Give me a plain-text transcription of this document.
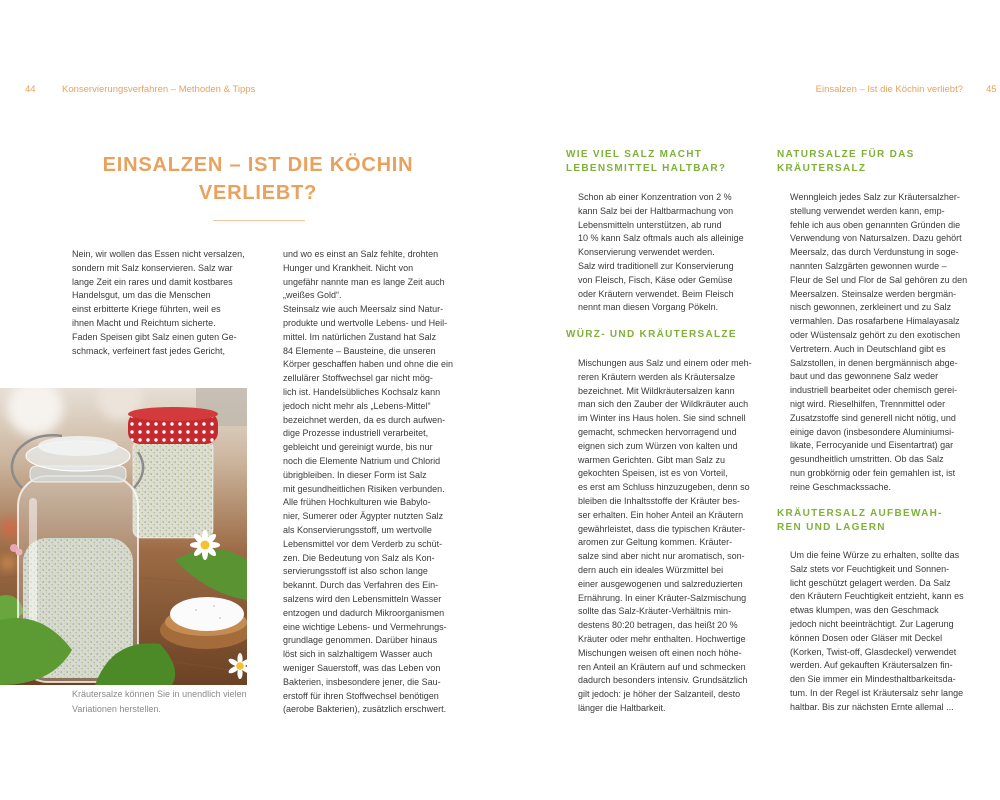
44	Konservierungsverfahren – Methoden & Tipps	Einsalzen – Ist die Köchin verliebt? 45
EINSALZEN – IST DIE KÖCHIN
VERLIEBT?
Nein, wir wollen das Essen nicht versalzen,
sondern mit Salz konservieren. Salz war
lange Zeit ein rares und damit kostbares
Handelsgut, um das die Menschen
einst erbitterte Kriege führten, weil es
ihnen Macht und Reichtum sicherte.
Faden Speisen gibt Salz einen guten Ge-
schmack, verfeinert fast jedes Gericht,
und wo es einst an Salz fehlte, drohten
Hunger und Krankheit. Nicht von
ungefähr nannte man es lange Zeit auch
„weißes Gold“.
Steinsalz wie auch Meersalz sind Natur-
produkte und wertvolle Lebens- und Heil-
mittel. Im natürlichen Zustand hat Salz
84 Elemente – Bausteine, die unseren
Körper geschaffen haben und ohne die ein
zellulärer Stoffwechsel gar nicht mög-
lich ist. Handelsübliches Kochsalz kann
jedoch nicht mehr als „Lebens-Mittel“
bezeichnet werden, da es durch aufwen-
dige Prozesse industriell verarbeitet,
gebleicht und gereinigt wurde, bis nur
noch die Elemente Natrium und Chlorid
übrigbleiben. In dieser Form ist Salz
mit gesundheitlichen Risiken verbunden.
Alle frühen Hochkulturen wie Babylo-
nier, Sumerer oder Ägypter nutzten Salz
als Konservierungsstoff, um wertvolle
Lebensmittel vor dem Verderb zu schüt-
zen. Die Bedeutung von Salz als Kon-
servierungsstoff ist also schon lange
bekannt. Durch das Verfahren des Ein-
salzens wird den Lebensmitteln Wasser
entzogen und dadurch Mikroorganismen
eine wichtige Lebens- und Vermehrungs-
grundlage genommen. Darüber hinaus
löst sich in salzhaltigem Wasser auch
weniger Sauerstoff, was das Leben von
Bakterien, insbesondere jener, die Sau-
erstoff für ihren Stoffwechsel benötigen
(aerobe Bakterien), zusätzlich erschwert.
Kräutersalze können Sie in unendlich vielen
Variationen herstellen.
WIE VIEL SALZ MACHT
LEBENSMITTEL HALTBAR?
Schon ab einer Konzentration von 2 %
kann Salz bei der Haltbarmachung von
Lebensmitteln unterstützen, ab rund
10 % kann Salz oftmals auch als alleinige
Konservierung verwendet werden.
Salz wird traditionell zur Konservierung
von Fleisch, Fisch, Käse oder Gemüse
oder Kräutern verwendet. Beim Fleisch
nennt man diesen Vorgang Pökeln.
WÜRZ- UND KRÄUTERSALZE
Mischungen aus Salz und einem oder meh-
reren Kräutern werden als Kräutersalze
bezeichnet. Mit Wildkräutersalzen kann
man sich den Zauber der Wildkräuter auch
im Winter ins Haus holen. Sie sind schnell
gemacht, schmecken hervorragend und
eignen sich zum Würzen von kalten und
warmen Gerichten. Gibt man Salz zu
gekochten Speisen, ist es von Vorteil,
es erst am Schluss hinzuzugeben, denn so
bleiben die Inhaltsstoffe der Kräuter bes-
ser erhalten. Ein hoher Anteil an Kräutern
gewährleistet, dass die typischen Kräuter-
aromen zur Geltung kommen. Kräuter-
salze sind aber nicht nur aromatisch, son-
dern auch ein ideales Würzmittel bei
einer ausgewogenen und salzreduzierten
Ernährung. In einer Kräuter-Salzmischung
sollte das Salz-Kräuter-Verhältnis min-
destens 80:20 betragen, das heißt 20 %
Kräuter oder mehr enthalten. Hochwertige
Mischungen weisen oft einen noch höhe-
ren Anteil an Kräutern auf und schmecken
dadurch besonders intensiv. Grundsätzlich
gilt jedoch: je höher der Salzanteil, desto
länger die Haltbarkeit.
NATURSALZE FÜR DAS
KRÄUTERSALZ
Wenngleich jedes Salz zur Kräutersalzher-
stellung verwendet werden kann, emp-
fehle ich aus oben genannten Gründen die
Verwendung von Natursalzen. Dazu gehört
Meersalz, das durch Verdunstung in soge-
nannten Salzgärten gewonnen wurde –
Fleur de Sel und Flor de Sal gehören zu den
Meersalzen. Steinsalze werden bergmän-
nisch gewonnen, zerkleinert und zu Salz
vermahlen. Das rosafarbene Himalayasalz
oder Wüstensalz gehört zu den exotischen
Vertretern. Auch in Deutschland gibt es
Salzstollen, in denen bergmännisch abge-
baut und das gewonnene Salz weder
industriell bearbeitet oder chemisch gerei-
nigt wird. Rieselhilfen, Trennmittel oder
Zusatzstoffe sind generell nicht nötig, und
einige davon (insbesondere Aluminiumsi-
likate, Ferrocyanide und Eisentartrat) gar
gesundheitlich umstritten. Ob das Salz
nun grobkörnig oder fein gemahlen ist, ist
reine Geschmackssache.
KRÄUTERSALZ AUFBEWAH-
REN UND LAGERN
Um die feine Würze zu erhalten, sollte das
Salz stets vor Feuchtigkeit und Sonnen-
licht geschützt gelagert werden. Da Salz
den Kräutern Feuchtigkeit entzieht, kann es
etwas klumpen, was den Geschmack
jedoch nicht beeinträchtigt. Zur Lagerung
können Dosen oder Gläser mit Deckel
(Korken, Twist-off, Glasdeckel) verwendet
werden. Auf gekauften Kräutersalzen fin-
den Sie immer ein Mindesthaltbarkeitsda-
tum. In der Regel ist Kräutersalz sehr lange
haltbar. Bis zur nächsten Ernte allemal ...
